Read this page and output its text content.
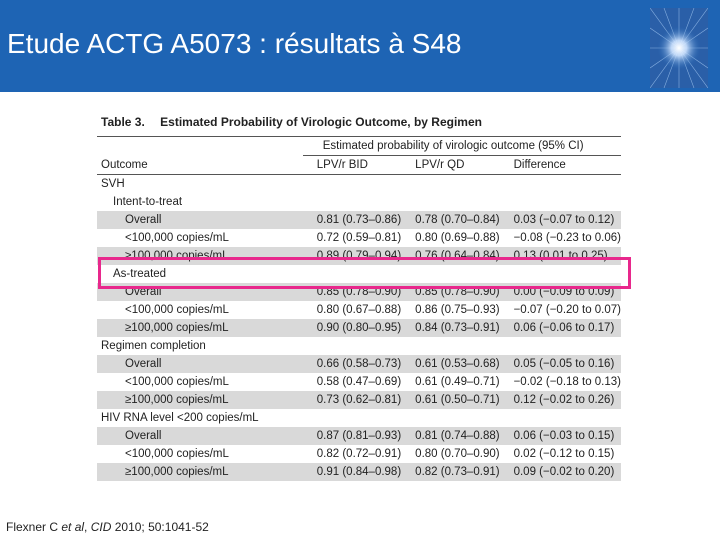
Etude ACTG A5073 : résultats à S48
Table 3. Estimated Probability of Virologic Outcome, by Regimen
	Estimated probability of virologic outcome (95% CI)		
Outcome	LPV/r BID	LPV/r QD	Difference
SVH			
Intent-to-treat			
Overall	0.81 (0.73–0.86)	0.78 (0.70–0.84)	0.03 (−0.07 to 0.12)
<100,000 copies/mL	0.72 (0.59–0.81)	0.80 (0.69–0.88)	−0.08 (−0.23 to 0.06)
≥100,000 copies/mL	0.89 (0.79–0.94)	0.76 (0.64–0.84)	0.13 (0.01 to 0.25)
As-treated			
Overall	0.85 (0.78–0.90)	0.85 (0.78–0.90)	0.00 (−0.09 to 0.09)
<100,000 copies/mL	0.80 (0.67–0.88)	0.86 (0.75–0.93)	−0.07 (−0.20 to 0.07)
≥100,000 copies/mL	0.90 (0.80–0.95)	0.84 (0.73–0.91)	0.06 (−0.06 to 0.17)
Regimen completion			
Overall	0.66 (0.58–0.73)	0.61 (0.53–0.68)	0.05 (−0.05 to 0.16)
<100,000 copies/mL	0.58 (0.47–0.69)	0.61 (0.49–0.71)	−0.02 (−0.18 to 0.13)
≥100,000 copies/mL	0.73 (0.62–0.81)	0.61 (0.50–0.71)	0.12 (−0.02 to 0.26)
HIV RNA level <200 copies/mL			
Overall	0.87 (0.81–0.93)	0.81 (0.74–0.88)	0.06 (−0.03 to 0.15)
<100,000 copies/mL	0.82 (0.72–0.91)	0.80 (0.70–0.90)	0.02 (−0.12 to 0.15)
≥100,000 copies/mL	0.91 (0.84–0.98)	0.82 (0.73–0.91)	0.09 (−0.02 to 0.20)
Flexner C et al, CID 2010; 50:1041-52
